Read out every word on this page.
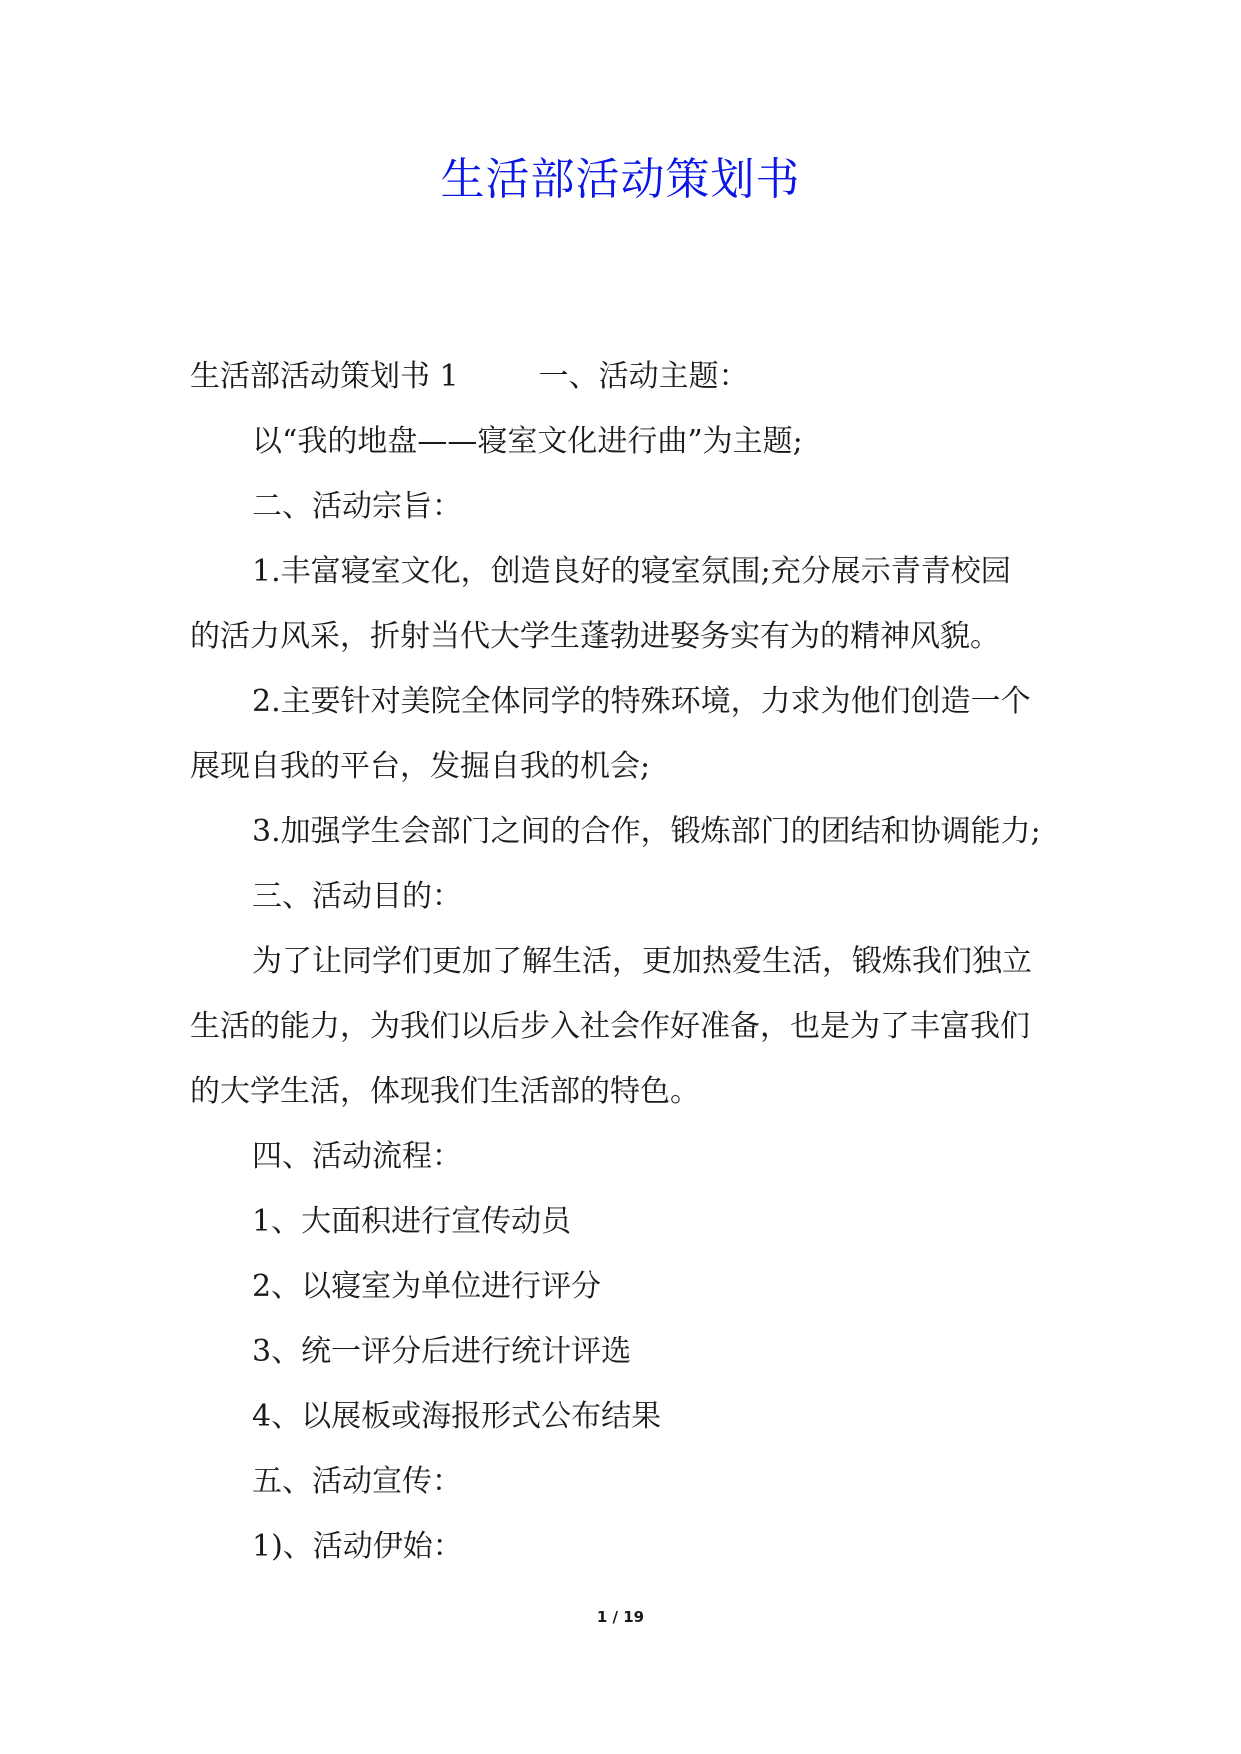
生活部活动策划书
生活部活动策划书 1	一、活动主题：
以“我的地盘——寝室文化进行曲”为主题;
二、活动宗旨：
1.丰富寝室文化，创造良好的寝室氛围;充分展示青青校园
的活力风采，折射当代大学生蓬勃进娶务实有为的精神风貌。
2.主要针对美院全体同学的特殊环境，力求为他们创造一个
展现自我的平台，发掘自我的机会;
3.加强学生会部门之间的合作，锻炼部门的团结和协调能力;
三、活动目的：
为了让同学们更加了解生活，更加热爱生活，锻炼我们独立
生活的能力，为我们以后步入社会作好准备，也是为了丰富我们
的大学生活，体现我们生活部的特色。
四、活动流程：
1、大面积进行宣传动员
2、以寝室为单位进行评分
3、统一评分后进行统计评选
4、以展板或海报形式公布结果
五、活动宣传：
1)、活动伊始：
1 / 19
